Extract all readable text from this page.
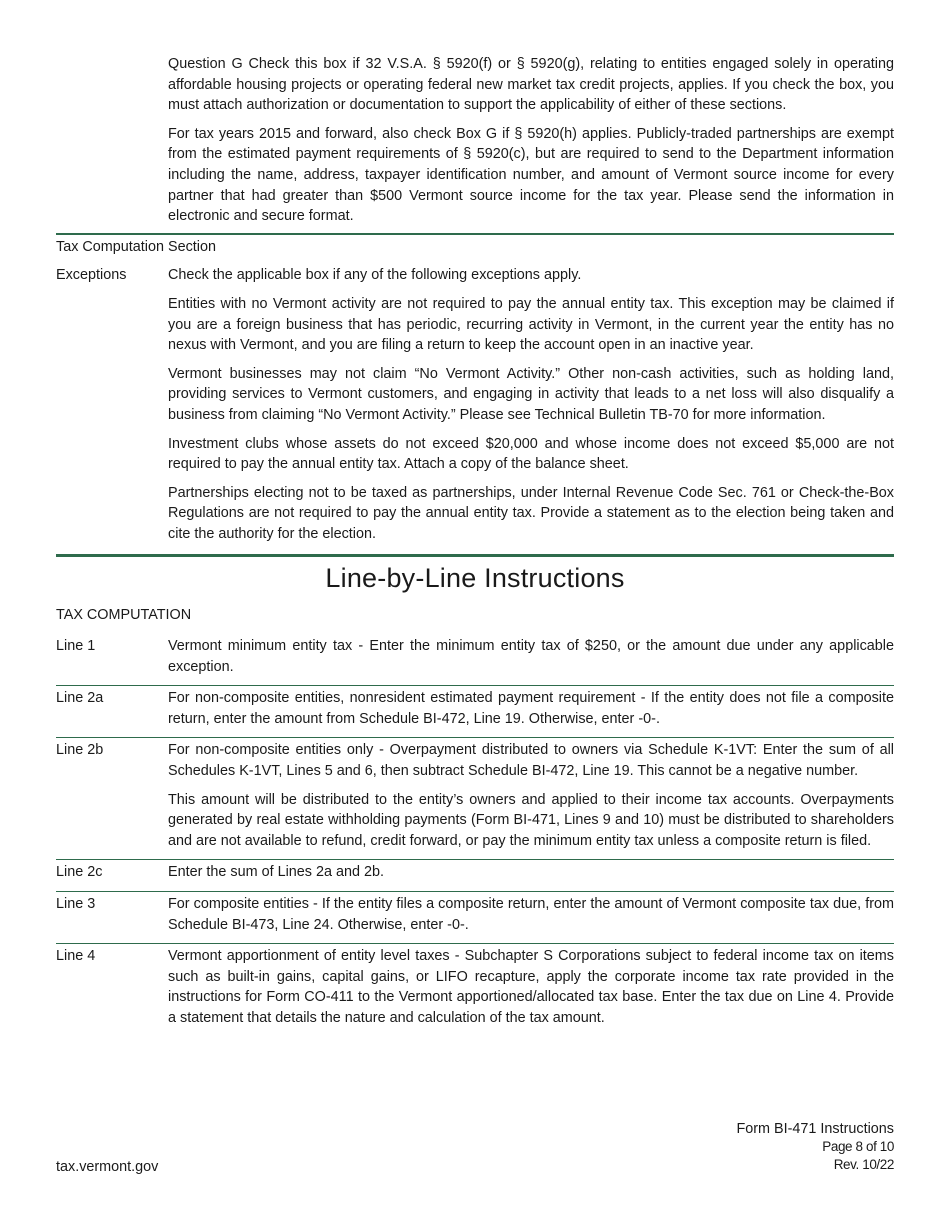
Question G Check this box if 32 V.S.A. § 5920(f) or § 5920(g), relating to entities engaged solely in operating affordable housing projects or operating federal new market tax credit projects, applies. If you check the box, you must attach authorization or documentation to support the applicability of either of these sections.

For tax years 2015 and forward, also check Box G if § 5920(h) applies. Publicly-traded partnerships are exempt from the estimated payment requirements of § 5920(c), but are required to send to the Department information including the name, address, taxpayer identification number, and amount of Vermont source income for every partner that had greater than $500 Vermont source income for the tax year. Please send the information in electronic and secure format.

Tax Computation Section
Exceptions	Check the applicable box if any of the following exceptions apply.

Entities with no Vermont activity are not required to pay the annual entity tax. This exception may be claimed if you are a foreign business that has periodic, recurring activity in Vermont, in the current year the entity has no nexus with Vermont, and you are filing a return to keep the account open in an inactive year.

Vermont businesses may not claim “No Vermont Activity.” Other non-cash activities, such as holding land, providing services to Vermont customers, and engaging in activity that leads to a net loss will also disqualify a business from claiming “No Vermont Activity.” Please see Technical Bulletin TB-70 for more information.

Investment clubs whose assets do not exceed $20,000 and whose income does not exceed $5,000 are not required to pay the annual entity tax. Attach a copy of the balance sheet.

Partnerships electing not to be taxed as partnerships, under Internal Revenue Code Sec. 761 or Check-the-Box Regulations are not required to pay the annual entity tax. Provide a statement as to the election being taken and cite the authority for the election.

Line-by-Line Instructions
TAX COMPUTATION
Line 1	Vermont minimum entity tax - Enter the minimum entity tax of $250, or the amount due under any applicable exception.

Line 2a	For non-composite entities, nonresident estimated payment requirement - If the entity does not file a composite return, enter the amount from Schedule BI-472, Line 19. Otherwise, enter -0-.

Line 2b	For non-composite entities only - Overpayment distributed to owners via Schedule K-1VT: Enter the sum of all Schedules K-1VT, Lines 5 and 6, then subtract Schedule BI-472, Line 19. This cannot be a negative number.

This amount will be distributed to the entity’s owners and applied to their income tax accounts. Overpayments generated by real estate withholding payments (Form BI-471, Lines 9 and 10) must be distributed to shareholders and are not available to refund, credit forward, or pay the minimum entity tax unless a composite return is filed.

Line 2c	Enter the sum of Lines 2a and 2b.

Line 3	For composite entities - If the entity files a composite return, enter the amount of Vermont composite tax due, from Schedule BI-473, Line 24. Otherwise, enter -0-.

Line 4	Vermont apportionment of entity level taxes - Subchapter S Corporations subject to federal income tax on items such as built-in gains, capital gains, or LIFO recapture, apply the corporate income tax rate provided in the instructions for Form CO-411 to the Vermont apportioned/allocated tax base. Enter the tax due on Line 4. Provide a statement that details the nature and calculation of the tax amount.

Form BI-471 Instructions
Page 8 of 10
Rev. 10/22
tax.vermont.gov
